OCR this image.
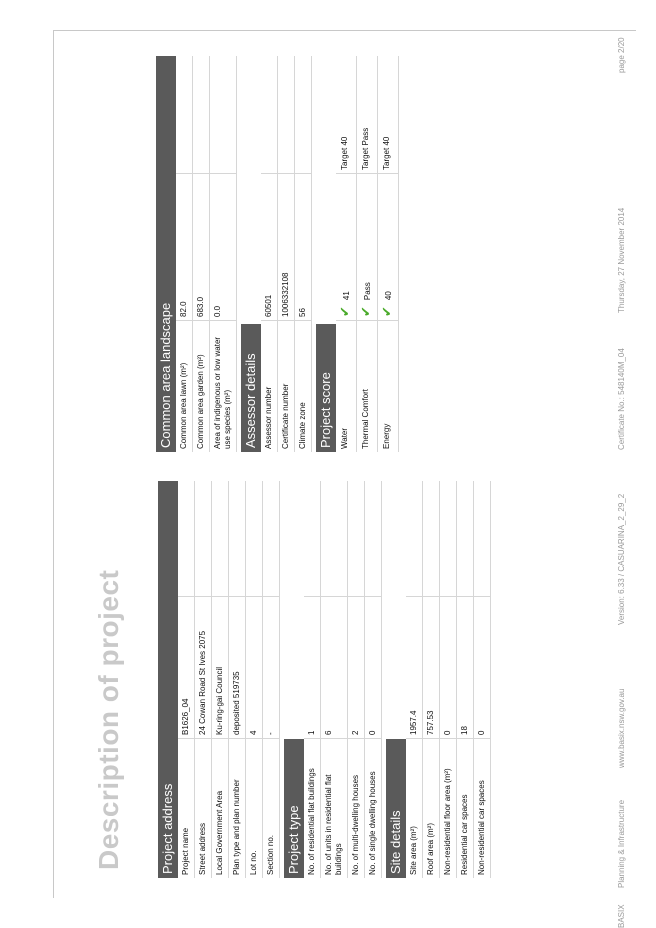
Description of project	Project address Project name	B1626_04	
Street address	24 Cowan Road St Ives 2075	
Local Government Area	Ku-ring-gai Council	
Plan type and plan number	deposited 519735	
Lot no.	4	
Section no.	-	
Project type No. of residential flat buildings	1	
No. of units in residential flat buildings	6	
No. of multi-dwelling houses	2	
No. of single dwelling houses	0	
Site details Site area (m²)	1957.4	
Roof area (m²)	757.53	
Non-residential floor area (m²)	0	
Residential car spaces	18	
Non-residential car spaces	0	
Common area landscape Common area lawn (m²)	82.0	
Common area garden (m²)	683.0	
Area of indigenous or low water use species (m²)	0.0	
Assessor details Assessor number	60501	
Certificate number	1006332108	
Climate zone	56	
Project score Water	✔41	Target 40
Thermal Comfort	✔Pass	Target Pass
Energy	✔40	Target 40
BASIX
Planning & Infrastructure
www.basix.nsw.gov.au
Version: 6.33 / CASUARINA_2_29_2
Certificate No.: 548140M_04
Thursday, 27 November 2014
page 2/20
